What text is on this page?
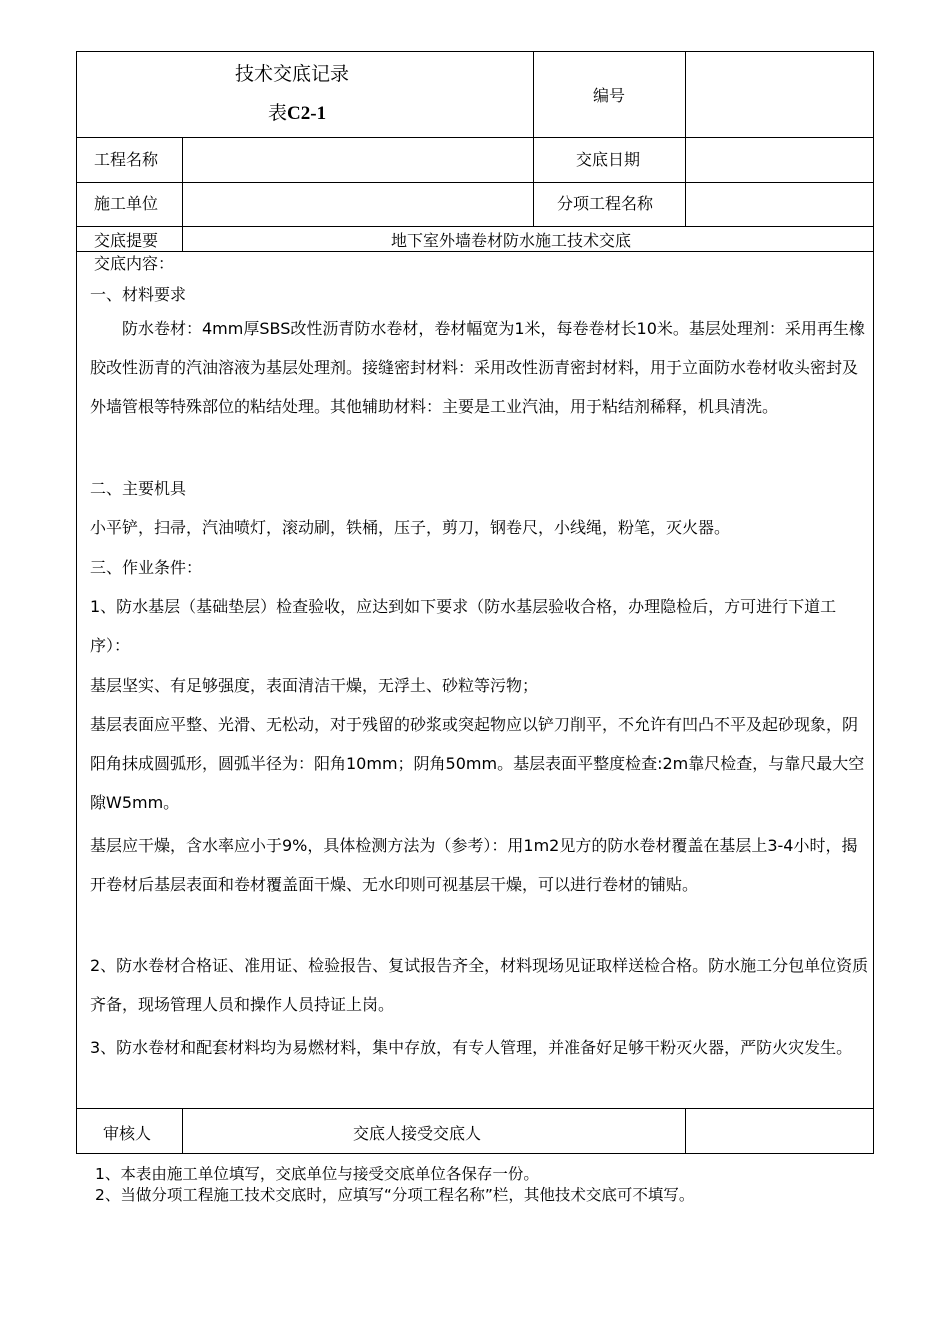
技术交底记录
表C2-1
编号
工程名称	交底日期
施工单位	分项工程名称
交底提要	地下室外墙卷材防水施工技术交底
交底内容：
一、材料要求
防水卷材：4mm厚SBS改性沥青防水卷材，卷材幅宽为1米，每卷卷材长10米。基层处理剂：采用再生橡胶改性沥青的汽油溶液为基层处理剂。接缝密封材料：采用改性沥青密封材料，用于立面防水卷材收头密封及外墙管根等特殊部位的粘结处理。其他辅助材料：主要是工业汽油，用于粘结剂稀释，机具清洗。
二、主要机具
小平铲，扫帚，汽油喷灯，滚动刷，铁桶，压子，剪刀，钢卷尺，小线绳，粉笔，灭火器。
三、作业条件：
1、防水基层（基础垫层）检查验收，应达到如下要求（防水基层验收合格，办理隐检后，方可进行下道工序）：
基层坚实、有足够强度，表面清洁干燥，无浮土、砂粒等污物；
基层表面应平整、光滑、无松动，对于残留的砂浆或突起物应以铲刀削平，不允许有凹凸不平及起砂现象，阴阳角抹成圆弧形，圆弧半径为：阳角10mm；阴角50mm。基层表面平整度检查:2m靠尺检查，与靠尺最大空隙W5mm。
基层应干燥，含水率应小于9%，具体检测方法为（参考）：用1m2见方的防水卷材覆盖在基层上3-4小时，揭开卷材后基层表面和卷材覆盖面干燥、无水印则可视基层干燥，可以进行卷材的铺贴。
2、防水卷材合格证、准用证、检验报告、复试报告齐全，材料现场见证取样送检合格。防水施工分包单位资质齐备，现场管理人员和操作人员持证上岗。
3、防水卷材和配套材料均为易燃材料，集中存放，有专人管理，并准备好足够干粉灭火器，严防火灾发生。
审核人	交底人接受交底人
1、本表由施工单位填写，交底单位与接受交底单位各保存一份。
2、当做分项工程施工技术交底时，应填写“分项工程名称”栏，其他技术交底可不填写。
